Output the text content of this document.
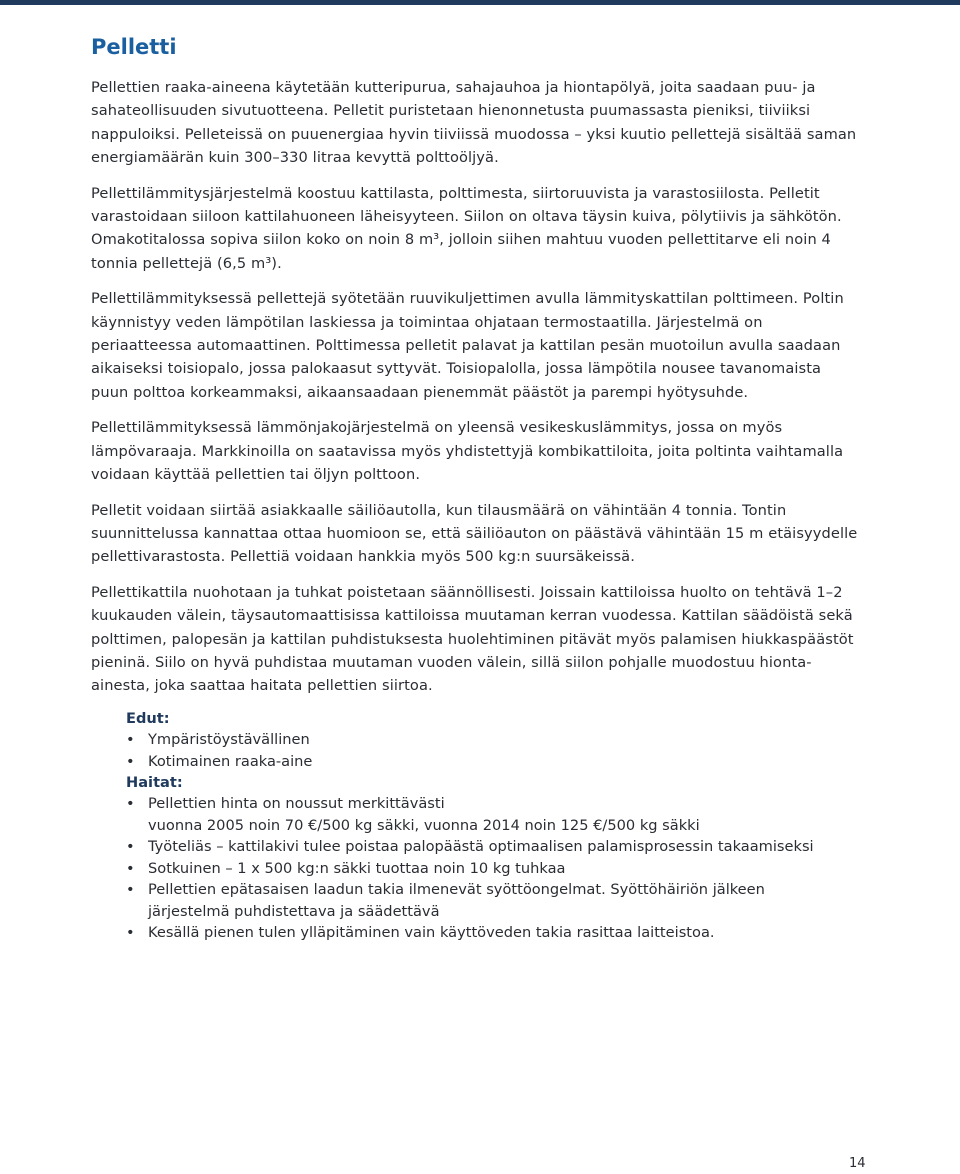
Pelletti

Pellettien raaka-aineena käytetään kutteripurua, sahajauhoa ja hiontapölyä, joita saadaan puu- ja sahateollisuuden sivutuotteena. Pelletit puristetaan hienonnetusta puumassasta pieniksi, tiiviiksi nappuloiksi. Pelleteissä on puuenergiaa hyvin tiiviissä muodossa – yksi kuutio pellettejä sisältää saman energiamäärän kuin 300–330 litraa kevyttä polttoöljyä.

Pellettilämmitysjärjestelmä koostuu kattilasta, polttimesta, siirtoruuvista ja varastosiilosta. Pelletit varastoidaan siiloon kattilahuoneen läheisyyteen. Siilon on oltava täysin kuiva, pölytiivis ja sähkötön. Omakotitalossa sopiva siilon koko on noin 8 m³, jolloin siihen mahtuu vuoden pellettitarve eli noin 4 tonnia pellettejä (6,5 m³).

Pellettilämmityksessä pellettejä syötetään ruuvikuljettimen avulla lämmityskattilan polttimeen. Poltin käynnistyy veden lämpötilan laskiessa ja toimintaa ohjataan termostaatilla. Järjestelmä on periaatteessa automaattinen. Polttimessa pelletit palavat ja kattilan pesän muotoilun avulla saadaan aikaiseksi toisiopalo, jossa palokaasut syttyvät. Toisiopalolla, jossa lämpötila nousee tavanomaista puun polttoa korkeammaksi, aikaansaadaan pienemmät päästöt ja parempi hyötysuhde.

Pellettilämmityksessä lämmönjakojärjestelmä on yleensä vesikeskuslämmitys, jossa on myös lämpövaraaja. Markkinoilla on saatavissa myös yhdistettyjä kombikattiloita, joita poltinta vaihtamalla voidaan käyttää pellettien tai öljyn polttoon.

Pelletit voidaan siirtää asiakkaalle säiliöautolla, kun tilausmäärä on vähintään 4 tonnia. Tontin suunnittelussa kannattaa ottaa huomioon se, että säiliöauton on päästävä vähintään 15 m etäisyydelle pellettivarastosta. Pellettiä voidaan hankkia myös 500 kg:n suursäkeissä.

Pellettikattila nuohotaan ja tuhkat poistetaan säännöllisesti. Joissain kattiloissa huolto on tehtävä 1–2 kuukauden välein, täysautomaattisissa kattiloissa muutaman kerran vuodessa. Kattilan säädöistä sekä polttimen, palopesän ja kattilan puhdistuksesta huolehtiminen pitävät myös palamisen hiukkaspäästöt pieninä. Siilo on hyvä puhdistaa muutaman vuoden välein, sillä siilon pohjalle muodostuu hionta-ainesta, joka saattaa haitata pellettien siirtoa.

Edut:
• Ympäristöystävällinen
• Kotimainen raaka-aine
Haitat:
• Pellettien hinta on noussut merkittävästi
vuonna 2005 noin 70 €/500 kg säkki, vuonna 2014 noin 125 €/500 kg säkki
• Työteliäs – kattilakivi tulee poistaa palopäästä optimaalisen palamisprosessin takaamiseksi
• Sotkuinen – 1 x 500 kg:n säkki tuottaa noin 10 kg tuhkaa
• Pellettien epätasaisen laadun takia ilmenevät syöttöongelmat. Syöttöhäiriön jälkeen
järjestelmä puhdistettava ja säädettävä
• Kesällä pienen tulen ylläpitäminen vain käyttöveden takia rasittaa laitteistoa.
14
